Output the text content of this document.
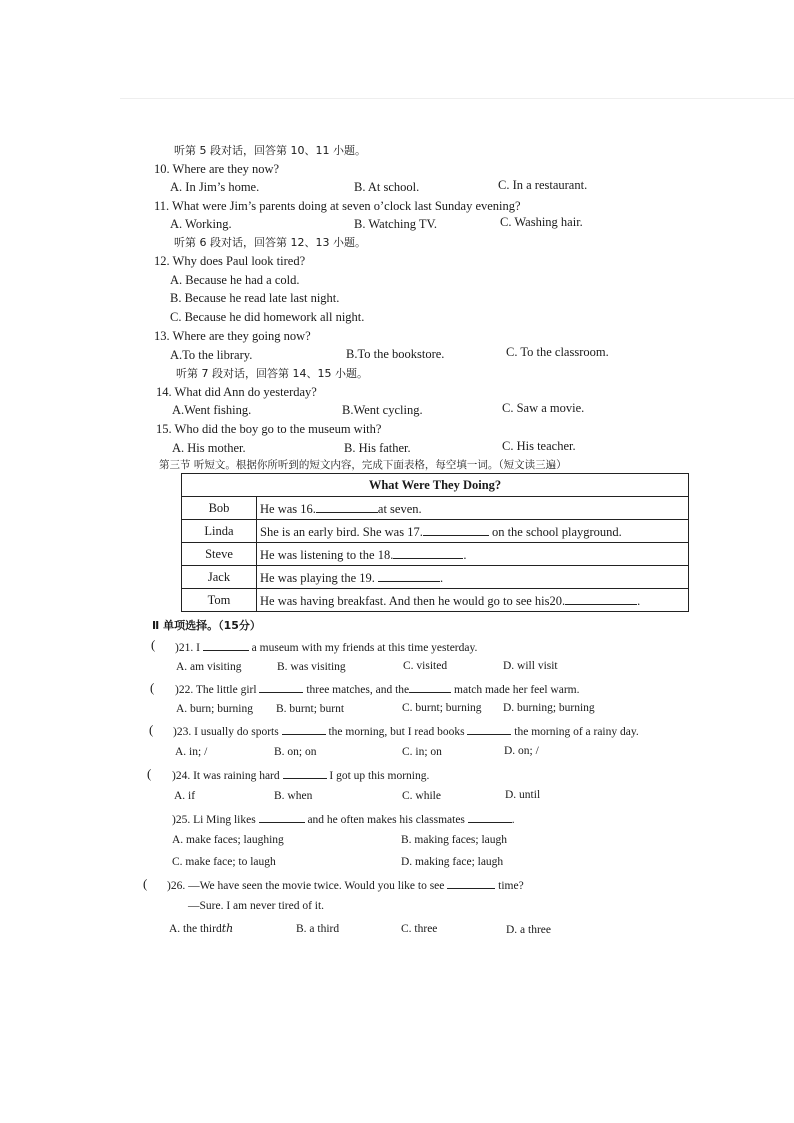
听第 5 段对话，回答第 10、11 小题。
10. Where are they now?
A. In Jim’s home.	B. At school.	C. In a restaurant.
11. What were Jim’s parents doing at seven o’clock last Sunday evening?
A. Working.	B. Watching TV.	C. Washing hair.
听第 6 段对话，回答第 12、13 小题。
12. Why does Paul look tired?
A. Because he had a cold.
B. Because he read late last night.
C. Because he did homework all night.
13. Where are they going now?
A.To the library.	B.To the bookstore.	C. To the classroom.
听第 7 段对话，回答第 14、15 小题。
14. What did Ann do yesterday?
A.Went fishing.	B.Went cycling.	C. Saw a movie.
15. Who did the boy go to the museum with?
A. His mother.	B. His father.	C. His teacher.
第三节 听短文。根据你所听到的短文内容，完成下面表格，每空填一词。（短文读三遍）
What Were They Doing?	
Bob	He was 16. at seven.
Linda	She is an early bird. She was 17. on the school playground.
Steve	He was listening to the 18. .
Jack	He was playing the 19. .
Tom	He was having breakfast. And then he would go to see his20. .
Ⅱ 单项选择。（15分）
( )21. I	a museum with my friends at this time yesterday.
A. am visiting	B. was visiting	C. visited	D. will visit
( )22. The little girl	three matches, and the	match made her feel warm.
A. burn; burning B. burnt; burnt	C. burnt; burning D. burning; burning
( )23. I usually do sports	the morning, but I read books	the morning of a rainy day.
A. in; /	B. on; on	C. in; on	D. on; /
( )24. It was raining hard	I got up this morning.
A. if	B. when	C. while	D. until
)25. Li Ming likes	and he often makes his classmates	.
A. make faces; laughing	B. making faces; laugh
C. make face; to laugh	D. making face; laugh
( )26. —We have seen the movie twice. Would you like to see	time?
—Sure. I am never tired of it.
A. the thirdth	B. a third	C. three	D. a three
